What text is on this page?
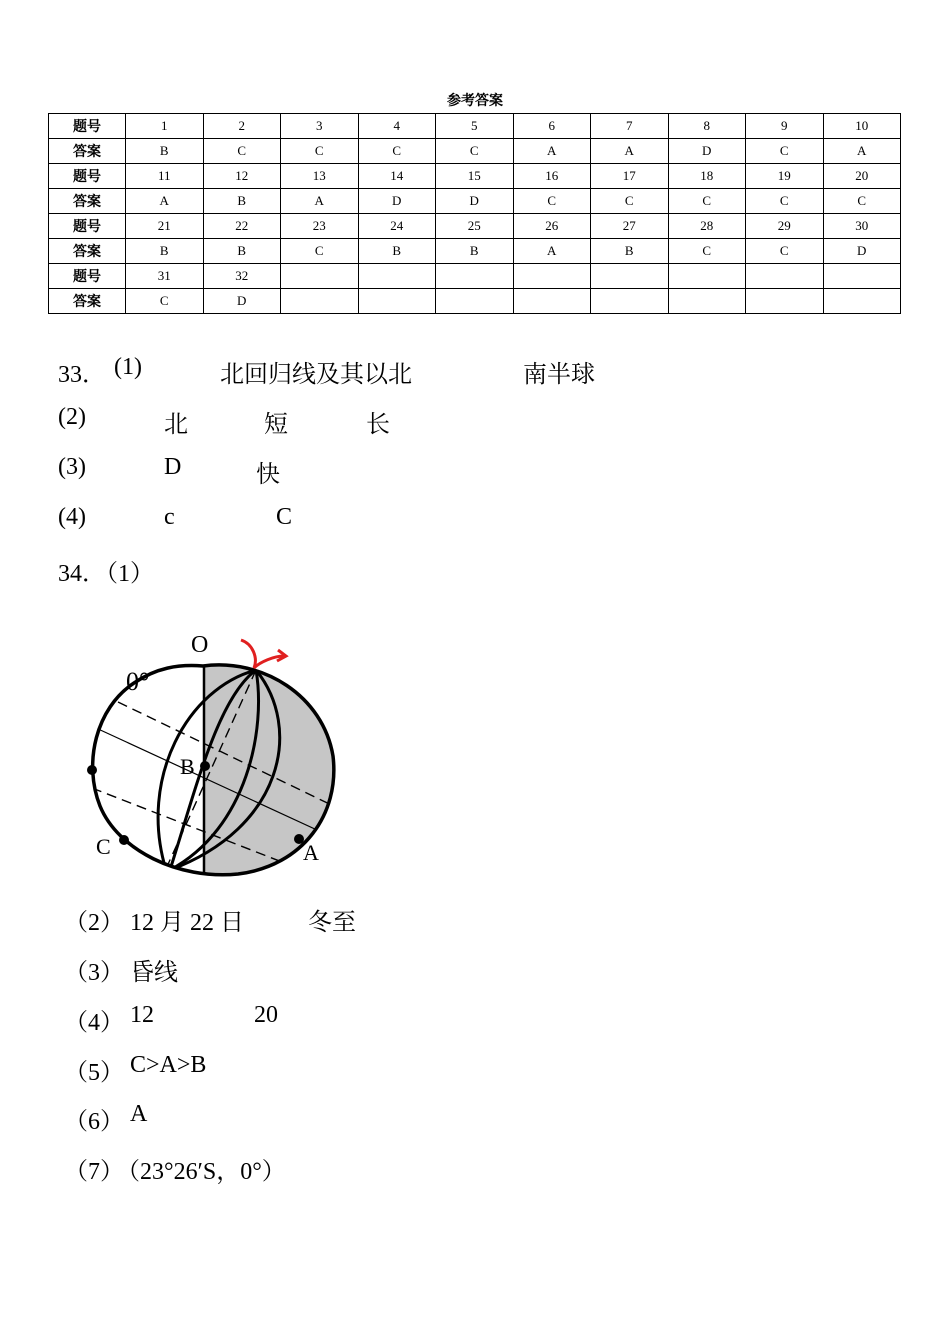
参考答案
题号	1	2	3	4	5	6	7	8	9	10
答案	B	C	C	C	C	A	A	D	C	A
题号	11	12	13	14	15	16	17	18	19	20
答案	A	B	A	D	D	C	C	C	C	C
题号	21	22	23	24	25	26	27	28	29	30
答案	B	B	C	B	B	A	B	C	C	D
题号	31	32								
答案	C	D								

33．

(1)

	北回归线及其以北

	南半球

(2)

	北

	短

	长

(3)

	D

	快

(4)

	c

	C

34．（1）

O
0°
B
C	A

（2）

12 月 22 日

	冬至

（3）

昏线

（4）

12

	20

（5）

C>A>B

（6）

A

（7）

（23°26′S，0°）
